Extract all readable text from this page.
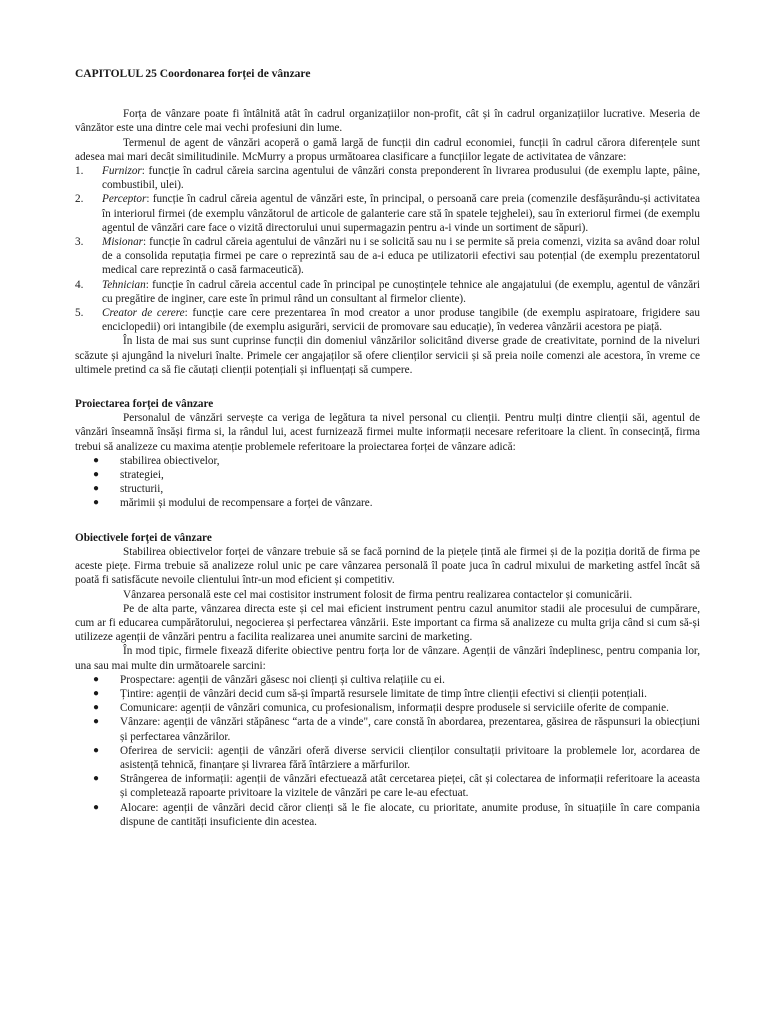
CAPITOLUL 25 Coordonarea forței de vânzare

Forța de vânzare poate fi întâlnită atât în cadrul organizațiilor non-profit, cât și în cadrul organizațiilor lucrative. Meseria de vânzător este una dintre cele mai vechi profesiuni din lume.

Termenul de agent de vânzări acoperă o gamă largă de funcții din cadrul economiei, funcții în cadrul cărora diferențele sunt adesea mai mari decât similitudinile. McMurry a propus următoarea clasificare a funcțiilor legate de activitatea de vânzare:

1. Furnizor: funcție în cadrul căreia sarcina agentului de vânzări consta preponderent în livrarea produsului (de exemplu lapte, pâine, combustibil, ulei).
2. Perceptor: funcție în cadrul căreia agentul de vânzări este, în principal, o persoană care preia (comenzile desfășurându-și activitatea în interiorul firmei (de exemplu vânzătorul de articole de galanterie care stă în spatele tejghelei), sau în exteriorul firmei (de exemplu agentul de vânzări care face o vizită directorului unui supermagazin pentru a-i vinde un sortiment de săpuri).
3. Misionar: funcție în cadrul căreia agentului de vânzări nu i se solicită sau nu i se permite să preia comenzi, vizita sa având doar rolul de a consolida reputația firmei pe care o reprezintă sau de a-i educa pe utilizatorii efectivi sau potențial (de exemplu prezentatorul medical care reprezintă o casă farmaceutică).
4. Tehnician: funcție în cadrul căreia accentul cade în principal pe cunoștințele tehnice ale angajatului (de exemplu, agentul de vânzări cu pregătire de inginer, care este în primul rând un consultant al firmelor cliente).
5. Creator de cerere: funcție care cere prezentarea în mod creator a unor produse tangibile (de exemplu aspiratoare, frigidere sau enciclopedii) ori intangibile (de exemplu asigurări, servicii de promovare sau educație), în vederea vânzării acestora pe piață.

În lista de mai sus sunt cuprinse funcții din domeniul vânzărilor solicitând diverse grade de creativitate, pornind de la niveluri scăzute și ajungând la niveluri înalte. Primele cer angajaților să ofere clienților servicii și să preia noile comenzi ale acestora, în vreme ce ultimele pretind ca să fie căutați clienții potențiali și influențați să cumpere.

Proiectarea forței de vânzare

Personalul de vânzări servește ca veriga de legătura ta nivel personal cu clienții. Pentru mulți dintre clienții săi, agentul de vânzări înseamnă însăși firma si, la rândul lui, acest furnizează firmei multe informații necesare referitoare la client. în consecință, firma trebui să analizeze cu maxima atenție problemele referitoare la proiectarea forței de vânzare adică:

● stabilirea obiectivelor,
● strategiei,
● structurii,
● mărimii și modului de recompensare a forței de vânzare.
Obiectivele forței de vânzare

Stabilirea obiectivelor forței de vânzare trebuie să se facă pornind de la piețele țintă ale firmei și de la poziția dorită de firma pe aceste piețe. Firma trebuie să analizeze rolul unic pe care vânzarea personală îl poate juca în cadrul mixului de marketing astfel încât să poată fi satisfăcute nevoile clientului într-un mod eficient și competitiv.

Vânzarea personală este cel mai costisitor instrument folosit de firma pentru realizarea contactelor și comunicării.

Pe de alta parte, vânzarea directa este și cel mai eficient instrument pentru cazul anumitor stadii ale procesului de cumpărare, cum ar fi educarea cumpărătorului, negocierea și perfectarea vânzării. Este important ca firma să analizeze cu multa grija când si cum să-și utilizeze agenții de vânzări pentru a facilita realizarea unei anumite sarcini de marketing.

În mod tipic, firmele fixează diferite obiective pentru forța lor de vânzare. Agenții de vânzări îndeplinesc, pentru compania lor, una sau mai multe din următoarele sarcini:

● Prospectare: agenții de vânzări găsesc noi clienți și cultiva relațiile cu ei.
● Țintire: agenții de vânzări decid cum să-și împartă resursele limitate de timp între clienții efectivi si clienții potențiali.
● Comunicare: agenții de vânzări comunica, cu profesionalism, informații despre produsele si serviciile oferite de companie.
● Vânzare: agenții de vânzări stăpânesc “arta de a vinde", care constă în abordarea, prezentarea, găsirea de răspunsuri la obiecțiuni și perfectarea vânzărilor.
● Oferirea de servicii: agenții de vânzări oferă diverse servicii clienților consultații privitoare la problemele lor, acordarea de asistență tehnică, finanțare și livrarea fără întârziere a mărfurilor.
● Strângerea de informații: agenții de vânzări efectuează atât cercetarea pieței, cât și colectarea de informații referitoare la aceasta și completează rapoarte privitoare la vizitele de vânzări pe care le-au efectuat.
● Alocare: agenții de vânzări decid căror clienți să le fie alocate, cu prioritate, anumite produse, în situațiile în care compania dispune de cantități insuficiente din acestea.
